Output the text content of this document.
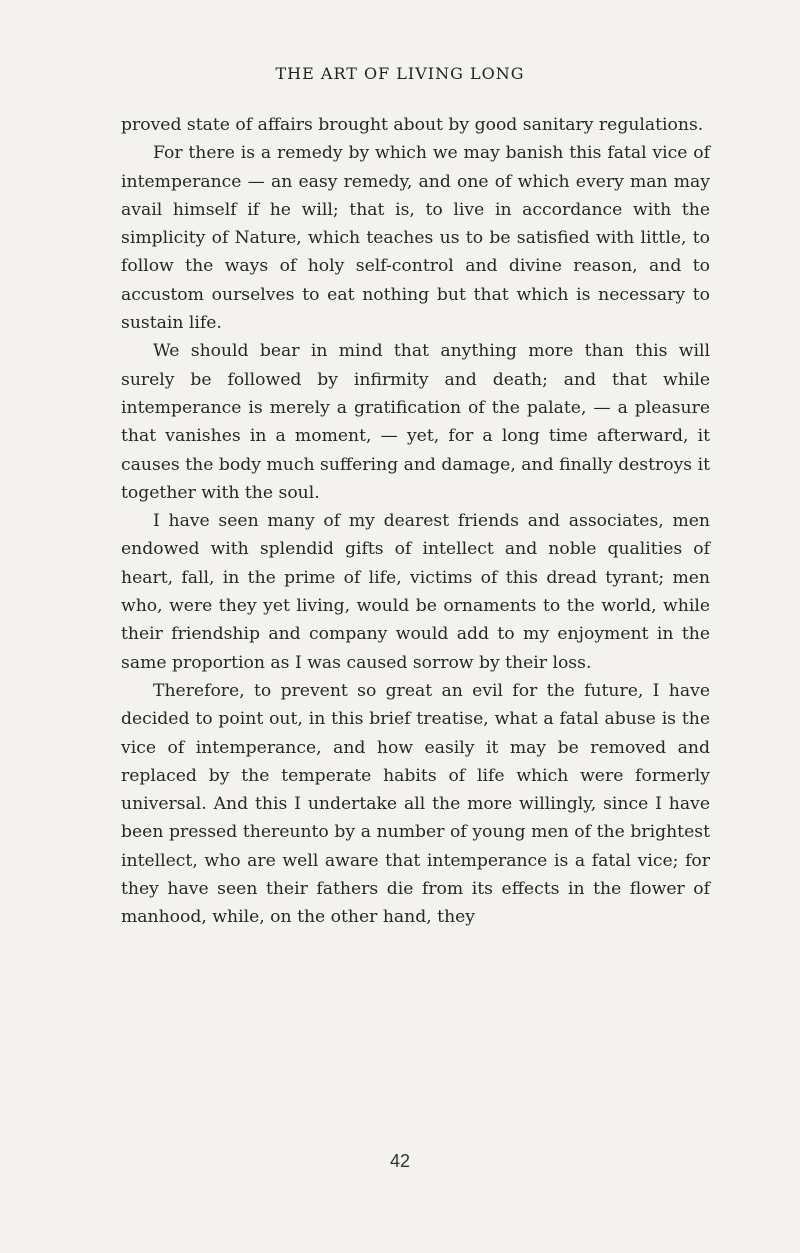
THE ART OF LIVING LONG

proved state of affairs brought about by good sanitary regulations.

For there is a remedy by which we may banish this fatal vice of intemperance — an easy remedy, and one of which every man may avail himself if he will; that is, to live in accordance with the simplicity of Nature, which teaches us to be satisfied with little, to follow the ways of holy self-control and divine reason, and to accustom ourselves to eat nothing but that which is necessary to sustain life.

We should bear in mind that anything more than this will surely be followed by infirmity and death; and that while intemperance is merely a gratification of the palate, — a pleasure that vanishes in a moment, — yet, for a long time afterward, it causes the body much suffering and damage, and finally destroys it together with the soul.

I have seen many of my dearest friends and associates, men endowed with splendid gifts of intellect and noble qualities of heart, fall, in the prime of life, victims of this dread tyrant; men who, were they yet living, would be ornaments to the world, while their friendship and company would add to my enjoyment in the same proportion as I was caused sorrow by their loss.

Therefore, to prevent so great an evil for the future, I have decided to point out, in this brief treatise, what a fatal abuse is the vice of intemperance, and how easily it may be removed and replaced by the temperate habits of life which were formerly universal. And this I undertake all the more willingly, since I have been pressed thereunto by a number of young men of the brightest intellect, who are well aware that intemperance is a fatal vice; for they have seen their fathers die from its effects in the flower of manhood, while, on the other hand, they

42
